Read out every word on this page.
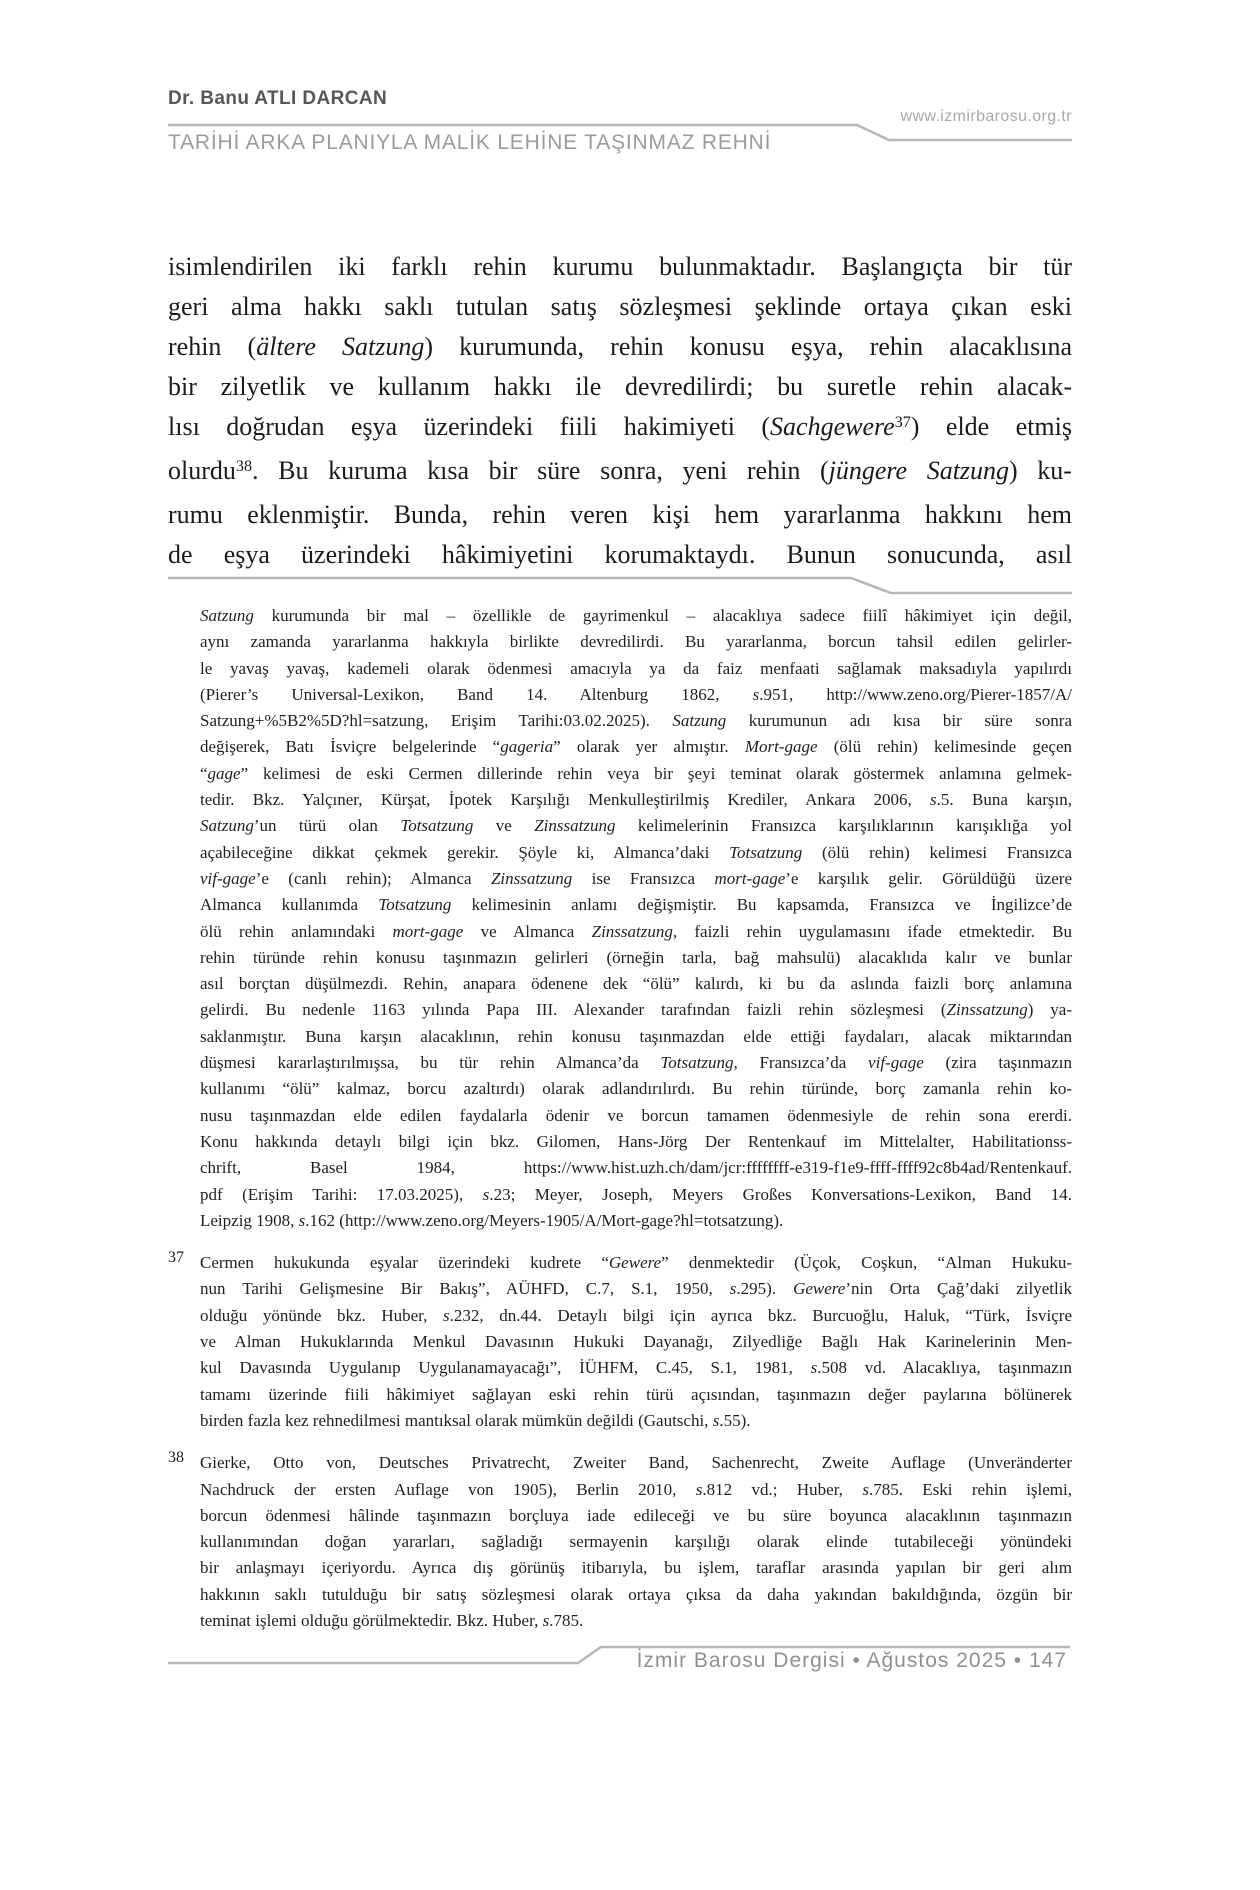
Dr. Banu ATLI DARCAN
www.izmirbarosu.org.tr
TARİHİ ARKA PLANIYLA MALİK LEHİNE TAŞINMAZ REHNİ
isimlendirilen iki farklı rehin kurumu bulunmaktadır. Başlangıçta bir tür
geri alma hakkı saklı tutulan satış sözleşmesi şeklinde ortaya çıkan eski
rehin (ältere Satzung) kurumunda, rehin konusu eşya, rehin alacaklısına
bir zilyetlik ve kullanım hakkı ile devredilirdi; bu suretle rehin alacak-
lısı doğrudan eşya üzerindeki fiili hakimiyeti (Sachgewere$^{37}$) elde etmiş
olurdu$^{38}$. Bu kuruma kısa bir süre sonra, yeni rehin (jüngere Satzung) ku-
rumu eklenmiştir. Bunda, rehin veren kişi hem yararlanma hakkını hem
de eşya üzerindeki hâkimiyetini korumaktaydı. Bunun sonucunda, asıl
Satzung kurumunda bir mal – özellikle de gayrimenkul – alacaklıya sadece fiilî hâkimiyet için değil,
aynı zamanda yararlanma hakkıyla birlikte devredilirdi. Bu yararlanma, borcun tahsil edilen gelirler-
le yavaş yavaş, kademeli olarak ödenmesi amacıyla ya da faiz menfaati sağlamak maksadıyla yapılırdı
(Pierer’s Universal-Lexikon, Band 14. Altenburg 1862, s.951, http://www.zeno.org/Pierer-1857/A/
Satzung+%5B2%5D?hl=satzung, Erişim Tarihi:03.02.2025). Satzung kurumunun adı kısa bir süre sonra
değişerek, Batı İsviçre belgelerinde “gageria” olarak yer almıştır. Mort-gage (ölü rehin) kelimesinde geçen
“gage” kelimesi de eski Cermen dillerinde rehin veya bir şeyi teminat olarak göstermek anlamına gelmek-
tedir. Bkz. Yalçıner, Kürşat, İpotek Karşılığı Menkulleştirilmiş Krediler, Ankara 2006, s.5. Buna karşın,
Satzung’un türü olan Totsatzung ve Zinssatzung kelimelerinin Fransızca karşılıklarının karışıklığa yol
açabileceğine dikkat çekmek gerekir. Şöyle ki, Almanca’daki Totsatzung (ölü rehin) kelimesi Fransızca
vif-gage’e (canlı rehin); Almanca Zinssatzung ise Fransızca mort-gage’e karşılık gelir. Görüldüğü üzere
Almanca kullanımda Totsatzung kelimesinin anlamı değişmiştir. Bu kapsamda, Fransızca ve İngilizce’de
ölü rehin anlamındaki mort-gage ve Almanca Zinssatzung, faizli rehin uygulamasını ifade etmektedir. Bu
rehin türünde rehin konusu taşınmazın gelirleri (örneğin tarla, bağ mahsulü) alacaklıda kalır ve bunlar
asıl borçtan düşülmezdi. Rehin, anapara ödenene dek “ölü” kalırdı, ki bu da aslında faizli borç anlamına
gelirdi. Bu nedenle 1163 yılında Papa III. Alexander tarafından faizli rehin sözleşmesi (Zinssatzung) ya-
saklanmıştır. Buna karşın alacaklının, rehin konusu taşınmazdan elde ettiği faydaları, alacak miktarından
düşmesi kararlaştırılmışsa, bu tür rehin Almanca’da Totsatzung, Fransızca’da vif-gage (zira taşınmazın
kullanımı “ölü” kalmaz, borcu azaltırdı) olarak adlandırılırdı. Bu rehin türünde, borç zamanla rehin ko-
nusu taşınmazdan elde edilen faydalarla ödenir ve borcun tamamen ödenmesiyle de rehin sona ererdi.
Konu hakkında detaylı bilgi için bkz. Gilomen, Hans-Jörg Der Rentenkauf im Mittelalter, Habilitationss-
chrift, Basel 1984, https://www.hist.uzh.ch/dam/jcr:ffffffff-e319-f1e9-ffff-ffff92c8b4ad/Rentenkauf.
pdf (Erişim Tarihi: 17.03.2025), s.23; Meyer, Joseph, Meyers Großes Konversations-Lexikon, Band 14.
Leipzig 1908, s.162 (http://www.zeno.org/Meyers-1905/A/Mort-gage?hl=totsatzung).
37 Cermen hukukunda eşyalar üzerindeki kudrete “Gewere” denmektedir (Üçok, Coşkun, “Alman Hukuku-
nun Tarihi Gelişmesine Bir Bakış”, AÜHFD, C.7, S.1, 1950, s.295). Gewere’nin Orta Çağ’daki zilyetlik
olduğu yönünde bkz. Huber, s.232, dn.44. Detaylı bilgi için ayrıca bkz. Burcuoğlu, Haluk, “Türk, İsviçre
ve Alman Hukuklarında Menkul Davasının Hukuki Dayanağı, Zilyedliğe Bağlı Hak Karinelerinin Men-
kul Davasında Uygulanıp Uygulanamayacağı”, İÜHFM, C.45, S.1, 1981, s.508 vd. Alacaklıya, taşınmazın
tamamı üzerinde fiili hâkimiyet sağlayan eski rehin türü açısından, taşınmazın değer paylarına bölünerek
birden fazla kez rehnedilmesi mantıksal olarak mümkün değildi (Gautschi, s.55).
38 Gierke, Otto von, Deutsches Privatrecht, Zweiter Band, Sachenrecht, Zweite Auflage (Unveränderter
Nachdruck der ersten Auflage von 1905), Berlin 2010, s.812 vd.; Huber, s.785. Eski rehin işlemi,
borcun ödenmesi hâlinde taşınmazın borçluya iade edileceği ve bu süre boyunca alacaklının taşınmazın
kullanımından doğan yararları, sağladığı sermayenin karşılığı olarak elinde tutabileceği yönündeki
bir anlaşmayı içeriyordu. Ayrıca dış görünüş itibarıyla, bu işlem, taraflar arasında yapılan bir geri alım
hakkının saklı tutulduğu bir satış sözleşmesi olarak ortaya çıksa da daha yakından bakıldığında, özgün bir
teminat işlemi olduğu görülmektedir. Bkz. Huber, s.785.
İzmir Barosu Dergisi • Ağustos 2025 • 147
